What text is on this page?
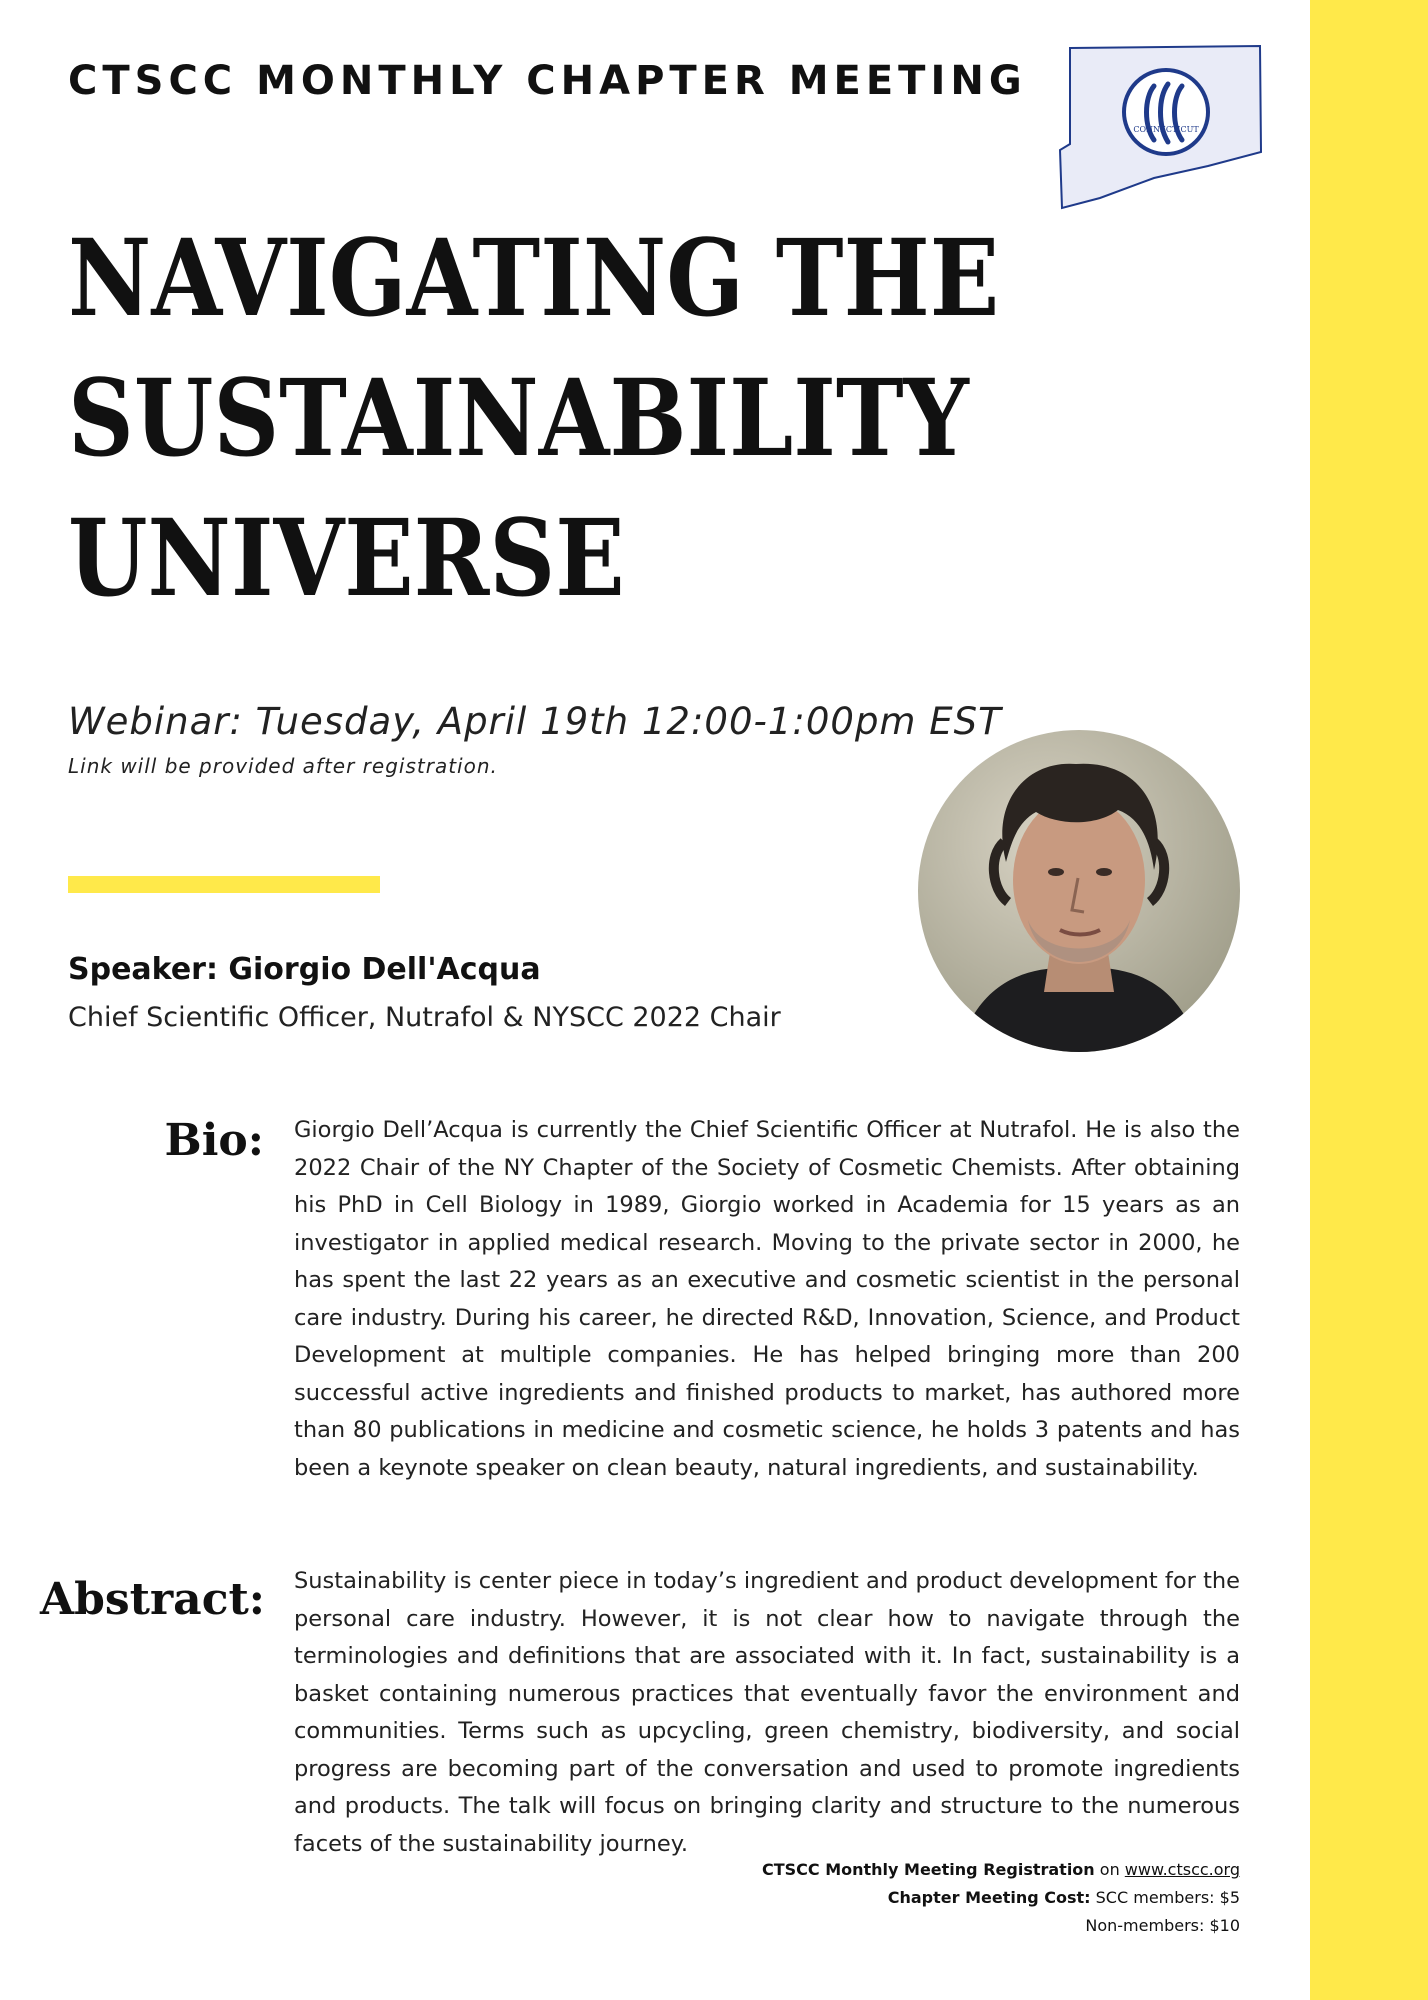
CTSCC MONTHLY CHAPTER MEETING
CONNECTICUT
NAVIGATING THE
SUSTAINABILITY
UNIVERSE
Webinar: Tuesday, April 19th 12:00-1:00pm EST
Link will be provided after registration.
Speaker: Giorgio Dell'Acqua
Chief Scientific Officer, Nutrafol & NYSCC 2022 Chair
Bio: Giorgio Dell’Acqua is currently the Chief Scientific Officer at Nutrafol. He is also the 2022 Chair of the NY Chapter of the Society of Cosmetic Chemists. After obtaining his PhD in Cell Biology in 1989, Giorgio worked in Academia for 15 years as an investigator in applied medical research. Moving to the private sector in 2000, he has spent the last 22 years as an executive and cosmetic scientist in the personal care industry. During his career, he directed R&D, Innovation, Science, and Product Development at multiple companies. He has helped bringing more than 200 successful active ingredients and finished products to market, has authored more than 80 publications in medicine and cosmetic science, he holds 3 patents and has been a keynote speaker on clean beauty, natural ingredients, and sustainability.
Abstract: Sustainability is center piece in today’s ingredient and product development for the personal care industry. However, it is not clear how to navigate through the terminologies and definitions that are associated with it. In fact, sustainability is a basket containing numerous practices that eventually favor the environment and communities. Terms such as upcycling, green chemistry, biodiversity, and social progress are becoming part of the conversation and used to promote ingredients and products. The talk will focus on bringing clarity and structure to the numerous facets of the sustainability journey.
CTSCC Monthly Meeting Registration on www.ctscc.org
Chapter Meeting Cost: SCC members: $5
Non-members: $10
